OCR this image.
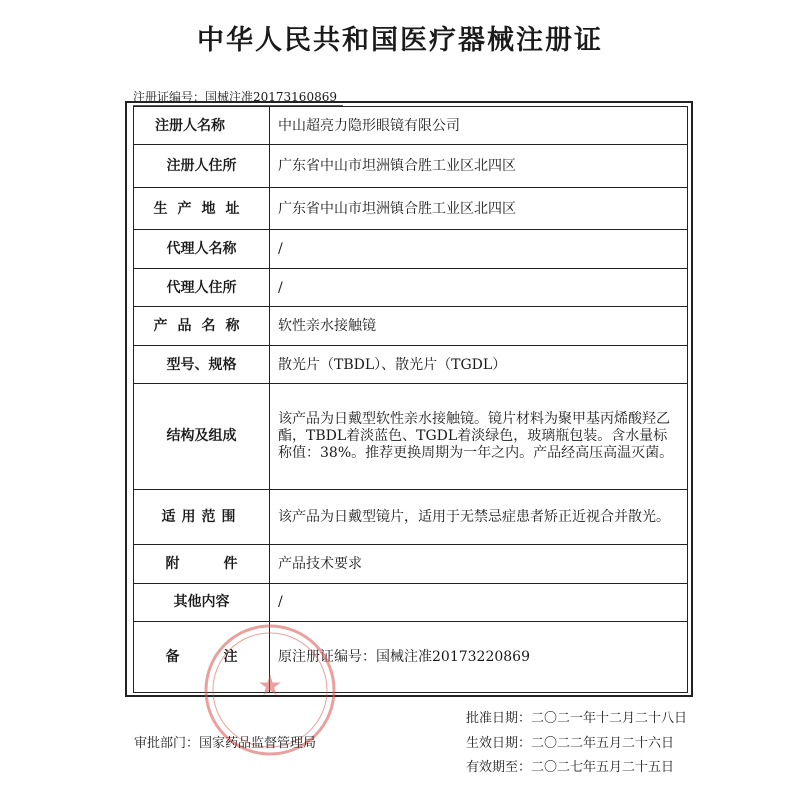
中华人民共和国医疗器械注册证
注册证编号：国械注准20173160869
注册人名称	中山超亮力隐形眼镜有限公司
注册人住所	广东省中山市坦洲镇合胜工业区北四区

生产地址	广东省中山市坦洲镇合胜工业区北四区
代理人名称	/
代理人住所	/
产品名称	软性亲水接触镜
型号、规格	散光片（TBDL）、散光片（TGDL）
结构及组成	该产品为日戴型软性亲水接触镜。镜片材料为聚甲基丙烯酸羟乙酯，TBDL着淡蓝色、TGDL着淡绿色，玻璃瓶包装。含水量标称值：38%。推荐更换周期为一年之内。产品经高压高温灭菌。
适用范围	该产品为日戴型镜片，适用于无禁忌症患者矫正近视合并散光。
附件	产品技术要求
其他内容	/
备注	原注册证编号：国械注准20173220869
★
批准日期：二〇二一年十二月二十八日
审批部门：国家药品监督管理局	生效日期：二〇二二年五月二十六日
有效期至：二〇二七年五月二十五日
